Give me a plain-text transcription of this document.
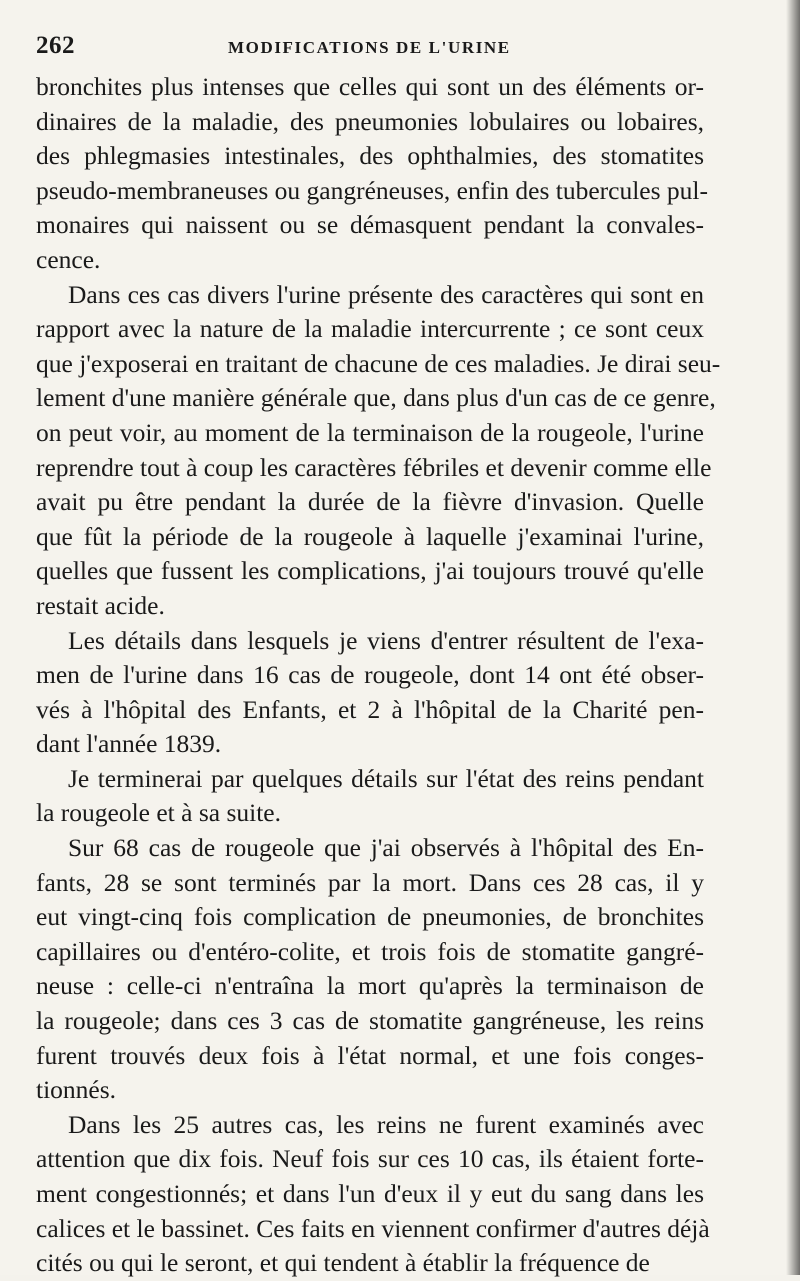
262	MODIFICATIONS DE L'URINE
bronchites plus intenses que celles qui sont un des éléments or-
dinaires de la maladie, des pneumonies lobulaires ou lobaires,
des phlegmasies intestinales, des ophthalmies, des stomatites
pseudo-membraneuses ou gangréneuses, enfin des tubercules pul-
monaires qui naissent ou se démasquent pendant la convales-
cence.
Dans ces cas divers l'urine présente des caractères qui sont en
rapport avec la nature de la maladie intercurrente ; ce sont ceux
que j'exposerai en traitant de chacune de ces maladies. Je dirai seu-
lement d'une manière générale que, dans plus d'un cas de ce genre,
on peut voir, au moment de la terminaison de la rougeole, l'urine
reprendre tout à coup les caractères fébriles et devenir comme elle
avait pu être pendant la durée de la fièvre d'invasion. Quelle
que fût la période de la rougeole à laquelle j'examinai l'urine,
quelles que fussent les complications, j'ai toujours trouvé qu'elle
restait acide.
Les détails dans lesquels je viens d'entrer résultent de l'exa-
men de l'urine dans 16 cas de rougeole, dont 14 ont été obser-
vés à l'hôpital des Enfants, et 2 à l'hôpital de la Charité pen-
dant l'année 1839.
Je terminerai par quelques détails sur l'état des reins pendant
la rougeole et à sa suite.
Sur 68 cas de rougeole que j'ai observés à l'hôpital des En-
fants, 28 se sont terminés par la mort. Dans ces 28 cas, il y
eut vingt-cinq fois complication de pneumonies, de bronchites
capillaires ou d'entéro-colite, et trois fois de stomatite gangré-
neuse : celle-ci n'entraîna la mort qu'après la terminaison de
la rougeole; dans ces 3 cas de stomatite gangréneuse, les reins
furent trouvés deux fois à l'état normal, et une fois conges-
tionnés.
Dans les 25 autres cas, les reins ne furent examinés avec
attention que dix fois. Neuf fois sur ces 10 cas, ils étaient forte-
ment congestionnés; et dans l'un d'eux il y eut du sang dans les
calices et le bassinet. Ces faits en viennent confirmer d'autres déjà
cités ou qui le seront, et qui tendent à établir la fréquence de
